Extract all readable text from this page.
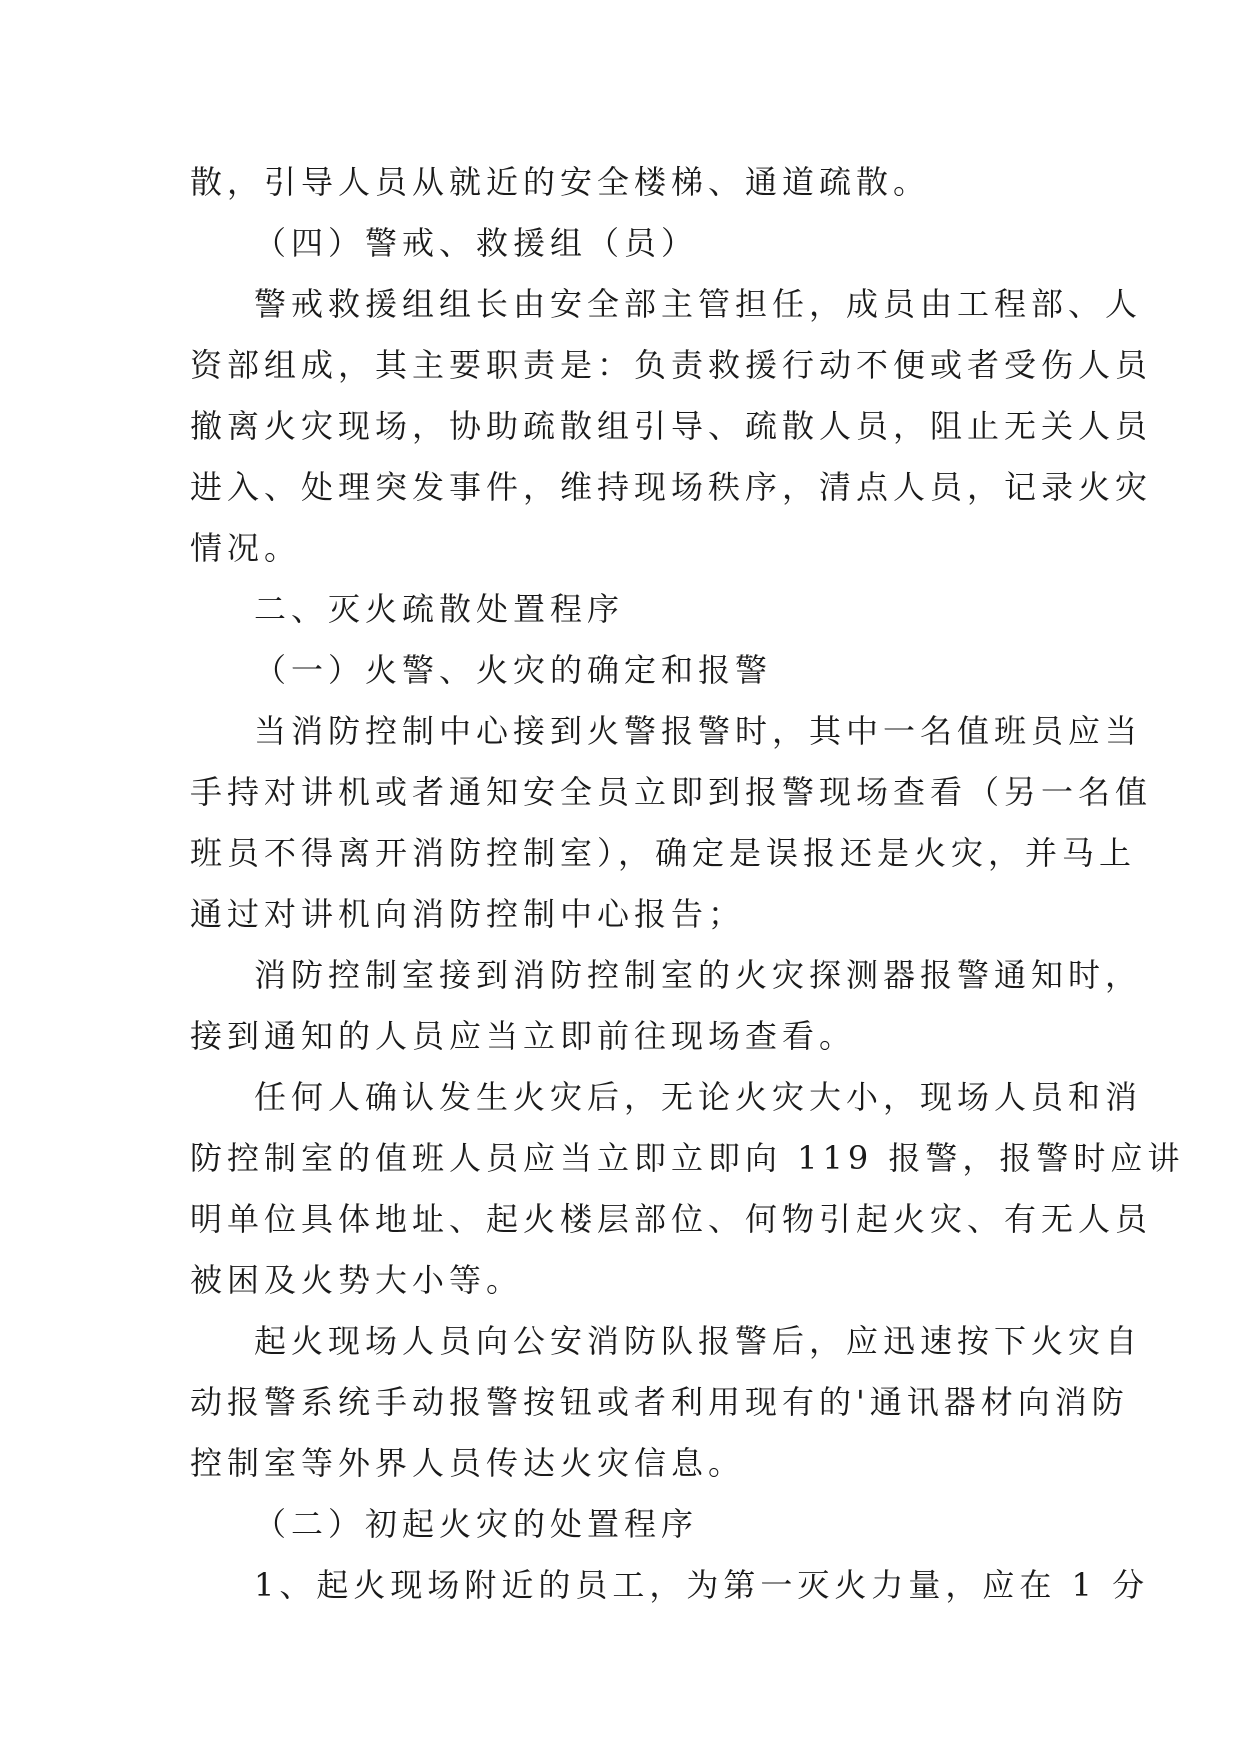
散，引导人员从就近的安全楼梯、通道疏散。
（四）警戒、救援组（员）
警戒救援组组长由安全部主管担任，成员由工程部、人
资部组成，其主要职责是：负责救援行动不便或者受伤人员
撤离火灾现场，协助疏散组引导、疏散人员，阻止无关人员
进入、处理突发事件，维持现场秩序，清点人员，记录火灾
情况。
二、灭火疏散处置程序
（一）火警、火灾的确定和报警
当消防控制中心接到火警报警时，其中一名值班员应当
手持对讲机或者通知安全员立即到报警现场查看（另一名值
班员不得离开消防控制室），确定是误报还是火灾，并马上
通过对讲机向消防控制中心报告；
消防控制室接到消防控制室的火灾探测器报警通知时，
接到通知的人员应当立即前往现场查看。
任何人确认发生火灾后，无论火灾大小，现场人员和消
防控制室的值班人员应当立即立即向 119 报警，报警时应讲
明单位具体地址、起火楼层部位、何物引起火灾、有无人员
被困及火势大小等。
起火现场人员向公安消防队报警后，应迅速按下火灾自
动报警系统手动报警按钮或者利用现有的'通讯器材向消防
控制室等外界人员传达火灾信息。
（二）初起火灾的处置程序
1、起火现场附近的员工，为第一灭火力量，应在 1 分
